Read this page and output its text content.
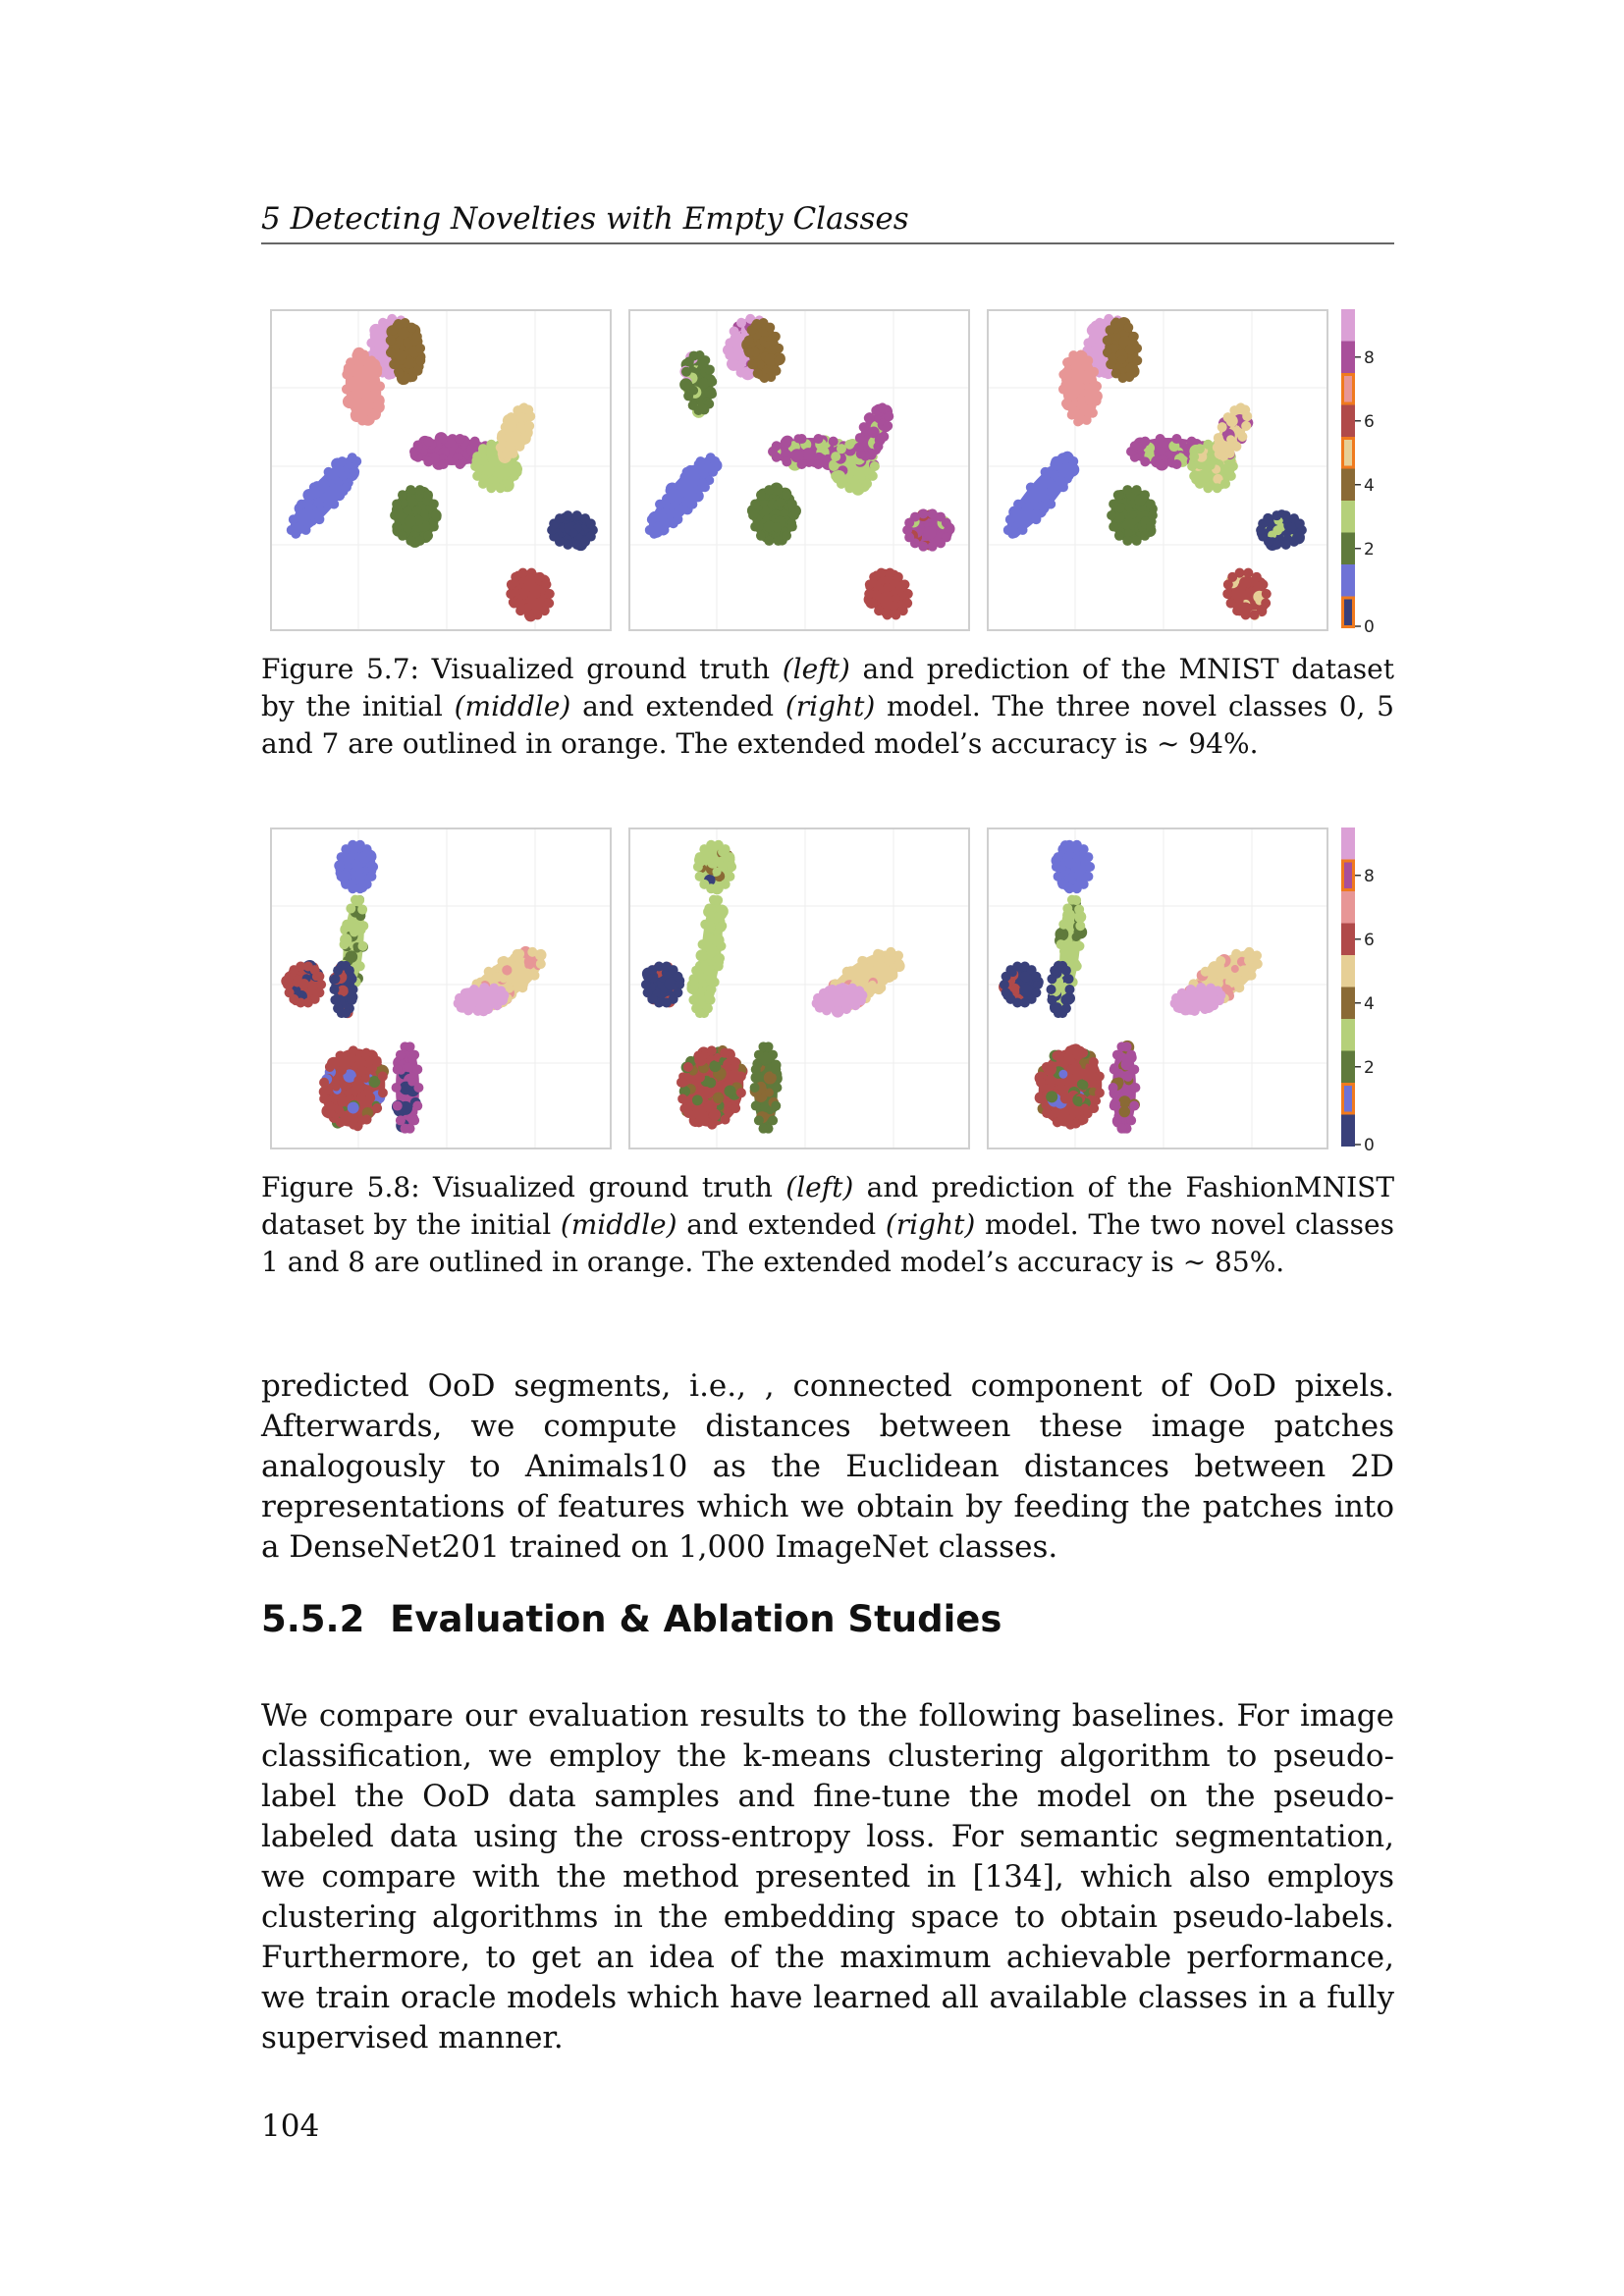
5 Detecting Novelties with Empty Classes
8
6
4
2
0
Figure 5.7: Visualized ground truth (left) and prediction of the MNIST dataset by the initial (middle) and extended (right) model. The three novel classes 0, 5 and 7 are outlined in orange. The extended model’s accuracy is ∼ 94%.
8
6
4
2
0
Figure 5.8: Visualized ground truth (left) and prediction of the FashionMNIST dataset by the initial (middle) and extended (right) model. The two novel classes 1 and 8 are outlined in orange. The extended model’s accuracy is ∼ 85%.
predicted OoD segments, i.e., , connected component of OoD pixels. Afterwards, we compute distances between these image patches analogously to Animals10 as the Euclidean distances between 2D representations of features which we obtain by feeding the patches into a DenseNet201 trained on 1,000 ImageNet classes.
5.5.2 Evaluation & Ablation Studies
We compare our evaluation results to the following baselines. For image classification, we employ the k-means clustering algorithm to pseudo-label the OoD data samples and fine-tune the model on the pseudo-labeled data using the cross-entropy loss. For semantic segmentation, we compare with the method presented in [134], which also employs clustering algorithms in the embedding space to obtain pseudo-labels. Furthermore, to get an idea of the maximum achievable performance, we train oracle models which have learned all available classes in a fully supervised manner.
104
